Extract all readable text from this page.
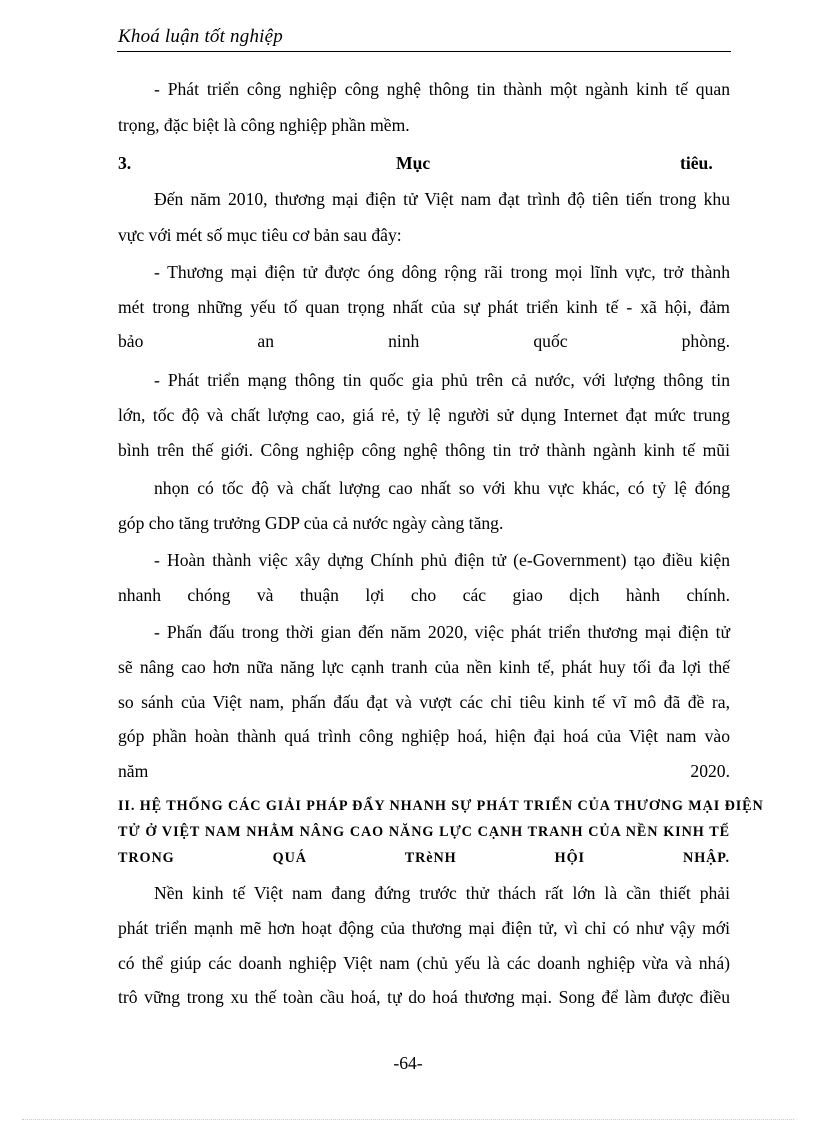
Khoá luận tốt nghiệp
- Phát triển công nghiệp công nghệ thông tin thành một ngành kinh tế quan
trọng, đặc biệt là công nghiệp phần mềm.
3.	Mục	tiêu.
Đến năm 2010, thương mại điện tử Việt nam đạt trình độ tiên tiến trong khu
vực với mét số mục tiêu cơ bản sau đây:
- Thương mại điện tử được óng dông rộng rãi trong mọi lĩnh vực, trở thành
mét trong những yếu tố quan trọng nhất của sự phát triển kinh tế - xã hội, đảm
bảo an ninh quốc phòng.
- Phát triển mạng thông tin quốc gia phủ trên cả nước, với lượng thông tin
lớn, tốc độ và chất lượng cao, giá rẻ, tỷ lệ người sử dụng Internet đạt mức trung
bình trên thế giới. Công nghiệp công nghệ thông tin trở thành ngành kinh tế mũi
nhọn có tốc độ và chất lượng cao nhất so với khu vực khác, có tỷ lệ đóng
góp cho tăng trưởng GDP của cả nước ngày càng tăng.
- Hoàn thành việc xây dựng Chính phủ điện tử (e-Government) tạo điều kiện
nhanh chóng và thuận lợi cho các giao dịch hành chính.
- Phấn đấu trong thời gian đến năm 2020, việc phát triển thương mại điện tử
sẽ nâng cao hơn nữa năng lực cạnh tranh của nền kinh tế, phát huy tối đa lợi thế
so sánh của Việt nam, phấn đấu đạt và vượt các chỉ tiêu kinh tế vĩ mô đã đề ra,
góp phần hoàn thành quá trình công nghiệp hoá, hiện đại hoá của Việt nam vào
năm 2020.
II. HỆ THỐNG CÁC GIẢI PHÁP ĐẨY NHANH SỰ PHÁT TRIỂN CỦA THƯƠNG MẠI ĐIỆN
TỬ Ở VIỆT NAM NHẰM NÂNG CAO NĂNG LỰC CẠNH TRANH CỦA NỀN KINH TẾ
TRONG QUÁ TRèNH HỘI NHẬP.
Nền kinh tế Việt nam đang đứng trước thử thách rất lớn là cần thiết phải
phát triển mạnh mẽ hơn hoạt động của thương mại điện tử, vì chỉ có như vậy mới
có thể giúp các doanh nghiệp Việt nam (chủ yếu là các doanh nghiệp vừa và nhá)
trô vững trong xu thế toàn cầu hoá, tự do hoá thương mại. Song để làm được điều
-64-
